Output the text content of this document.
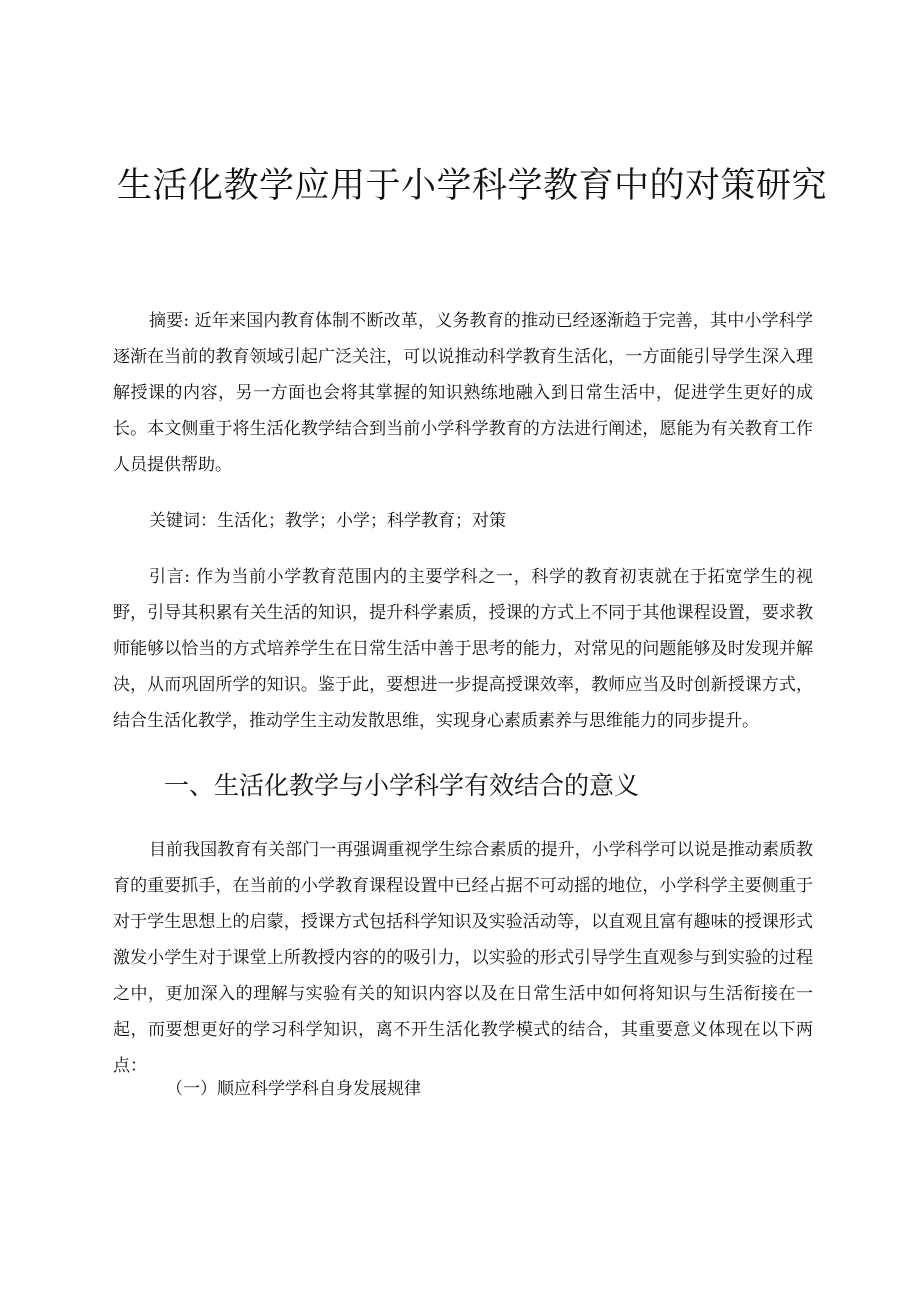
生活化教学应用于小学科学教育中的对策研究

摘要: 近年来国内教育体制不断改革，义务教育的推动已经逐渐趋于完善，其中小学科学逐渐在当前的教育领域引起广泛关注，可以说推动科学教育生活化，一方面能引导学生深入理解授课的内容，另一方面也会将其掌握的知识熟练地融入到日常生活中，促进学生更好的成长。本文侧重于将生活化教学结合到当前小学科学教育的方法进行阐述，愿能为有关教育工作人员提供帮助。

关键词：生活化；教学；小学；科学教育；对策

引言: 作为当前小学教育范围内的主要学科之一，科学的教育初衷就在于拓宽学生的视野，引导其积累有关生活的知识，提升科学素质，授课的方式上不同于其他课程设置，要求教师能够以恰当的方式培养学生在日常生活中善于思考的能力，对常见的问题能够及时发现并解决，从而巩固所学的知识。鉴于此，要想进一步提高授课效率，教师应当及时创新授课方式，结合生活化教学，推动学生主动发散思维，实现身心素质素养与思维能力的同步提升。

一、生活化教学与小学科学有效结合的意义

目前我国教育有关部门一再强调重视学生综合素质的提升，小学科学可以说是推动素质教育的重要抓手，在当前的小学教育课程设置中已经占据不可动摇的地位，小学科学主要侧重于对于学生思想上的启蒙，授课方式包括科学知识及实验活动等，以直观且富有趣味的授课形式激发小学生对于课堂上所教授内容的的吸引力，以实验的形式引导学生直观参与到实验的过程之中，更加深入的理解与实验有关的知识内容以及在日常生活中如何将知识与生活衔接在一起，而要想更好的学习科学知识，离不开生活化教学模式的结合，其重要意义体现在以下两点：

（一）顺应科学学科自身发展规律
